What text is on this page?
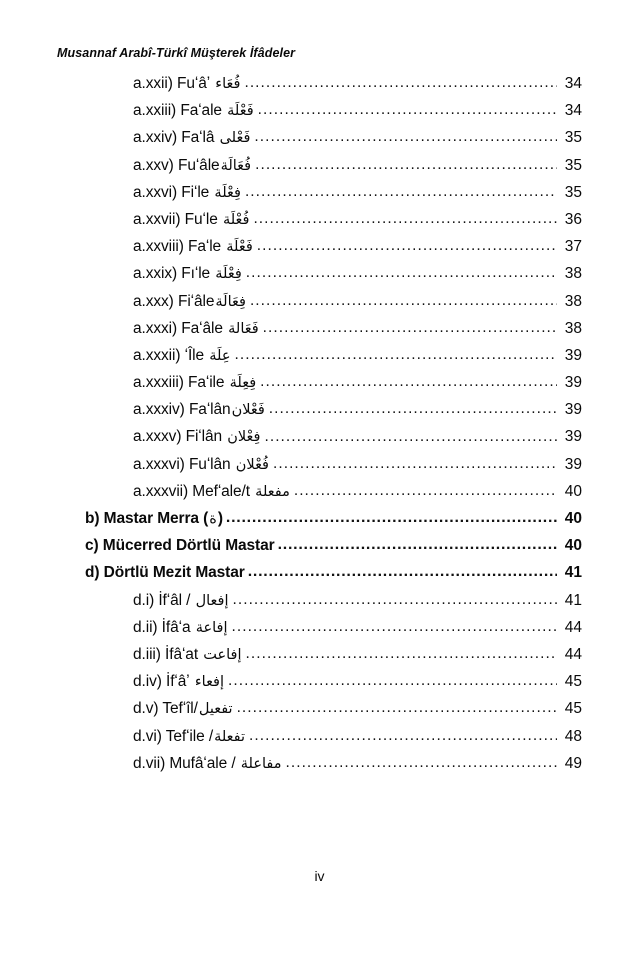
Musannaf Arabî-Türkî Müşterek İfâdeler
a.xxii) Fuʻâʼ فُعَاء .....	34
a.xxiii) Faʻale فَعْلَة .....	34
a.xxiv) Faʻlâ فَعْلى .....	35
a.xxv) Fuʻâleفُعَالَة .....	35
a.xxvi) Fiʻle فِعْلَة .....	35
a.xxvii) Fuʻle فُعْلَة .....	36
a.xxviii) Faʻle فَعْلَة .....	37
a.xxix) Fıʻle فِعْلَة .....	38
a.xxx) Fiʻâleفِعَالَة .....	38
a.xxxi) Faʻâle فَعَالة .....	38
a.xxxii) ʻÎle عِلَة .....	39
a.xxxiii) Faʻile فِعِلَة .....	39
a.xxxiv) Faʻlânفَعْلان .....	39
a.xxxv) Fiʻlân فِعْلان .....	39
a.xxxvi) Fuʻlân فُعْلان .....	39
a.xxxvii) Mefʻale/t مفعلة .....	40
b) Mastar Merra (ة) .....	40
c) Mücerred Dörtlü Mastar .....	40
d) Dörtlü Mezit Mastar .....	41
d.i) İfʻâl / إفعال .....	41
d.ii) İfâʻa إفاعة .....	44
d.iii) İfâʻat إفاعت .....	44
d.iv) İfʻâʼ إفعاء .....	45
d.v) Tefʻîl/تفعيل .....	45
d.vi) Tefʻile /تفعلة .....	48
d.vii) Mufâʻale / مفاعلة .....	49
iv
